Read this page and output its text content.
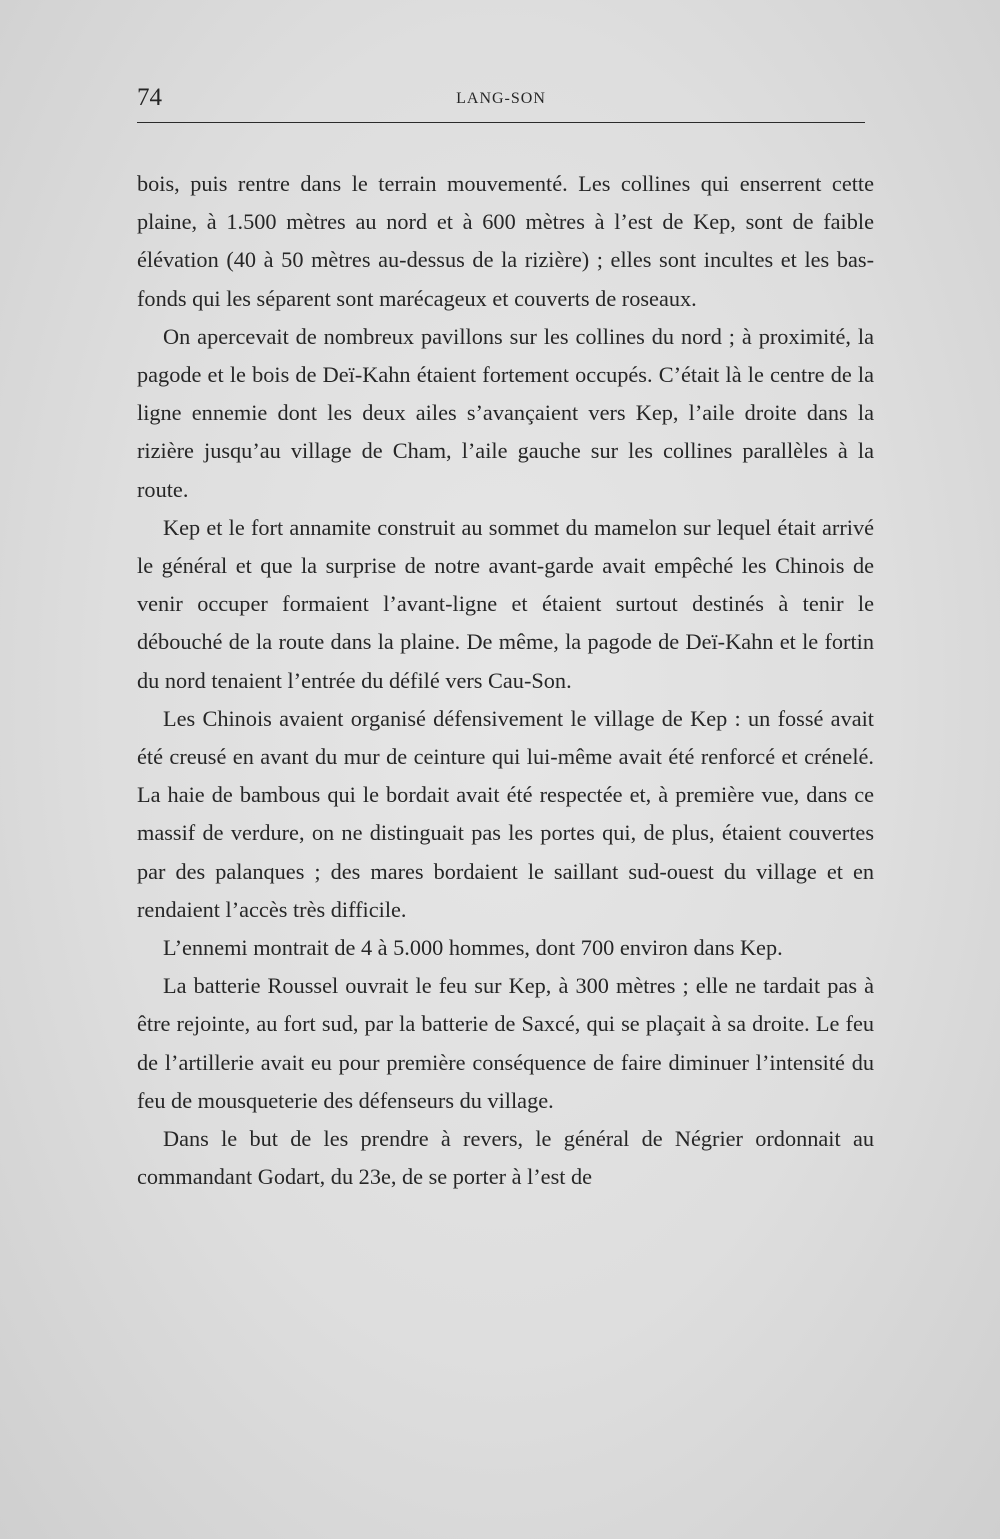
74	LANG-SON

bois, puis rentre dans le terrain mouvementé. Les collines qui enserrent cette plaine, à 1.500 mètres au nord et à 600 mètres à l’est de Kep, sont de faible élévation (40 à 50 mètres au-dessus de la rizière) ; elles sont incultes et les bas-fonds qui les séparent sont marécageux et couverts de roseaux.

On apercevait de nombreux pavillons sur les collines du nord ; à proximité, la pagode et le bois de Deï-Kahn étaient fortement occupés. C’était là le centre de la ligne ennemie dont les deux ailes s’avançaient vers Kep, l’aile droite dans la rizière jusqu’au village de Cham, l’aile gauche sur les collines parallèles à la route.

Kep et le fort annamite construit au sommet du mamelon sur lequel était arrivé le général et que la surprise de notre avant-garde avait empêché les Chinois de venir occuper formaient l’avant-ligne et étaient surtout destinés à tenir le débouché de la route dans la plaine. De même, la pagode de Deï-Kahn et le fortin du nord tenaient l’entrée du défilé vers Cau-Son.

Les Chinois avaient organisé défensivement le village de Kep : un fossé avait été creusé en avant du mur de ceinture qui lui-même avait été renforcé et crénelé. La haie de bambous qui le bordait avait été respectée et, à première vue, dans ce massif de verdure, on ne distinguait pas les portes qui, de plus, étaient couvertes par des palanques ; des mares bordaient le saillant sud-ouest du village et en rendaient l’accès très difficile.

L’ennemi montrait de 4 à 5.000 hommes, dont 700 environ dans Kep.

La batterie Roussel ouvrait le feu sur Kep, à 300 mètres ; elle ne tardait pas à être rejointe, au fort sud, par la batterie de Saxcé, qui se plaçait à sa droite. Le feu de l’artillerie avait eu pour première conséquence de faire diminuer l’intensité du feu de mousqueterie des défenseurs du village.

Dans le but de les prendre à revers, le général de Négrier ordonnait au commandant Godart, du 23e, de se porter à l’est de
